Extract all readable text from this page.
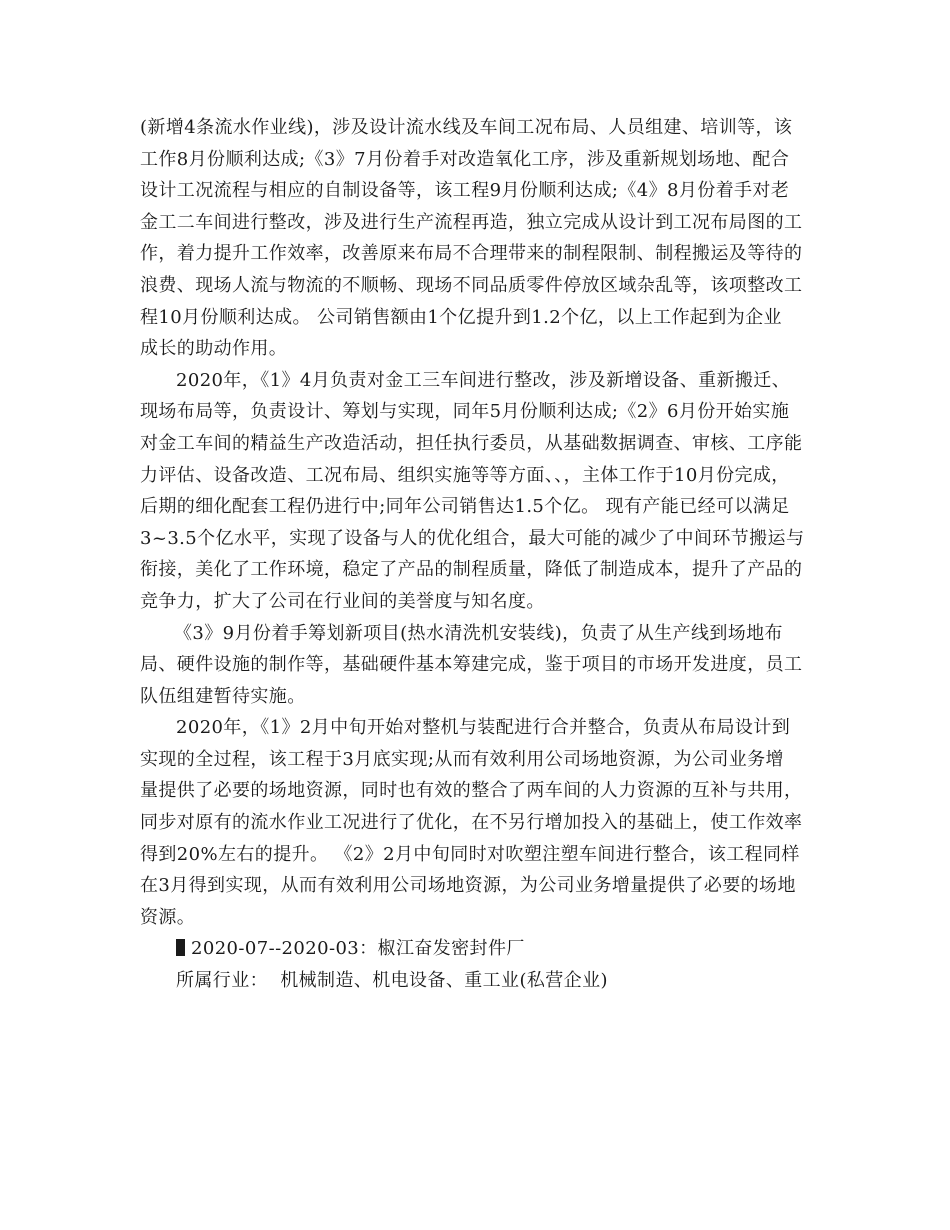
(新增4条流水作业线)，涉及设计流水线及车间工况布局、人员组建、培训等，该
工作8月份顺利达成;《3》7月份着手对改造氧化工序，涉及重新规划场地、配合
设计工况流程与相应的自制设备等，该工程9月份顺利达成;《4》8月份着手对老
金工二车间进行整改，涉及进行生产流程再造，独立完成从设计到工况布局图的工
作，着力提升工作效率，改善原来布局不合理带来的制程限制、制程搬运及等待的
浪费、现场人流与物流的不顺畅、现场不同品质零件停放区域杂乱等，该项整改工
程10月份顺利达成。 公司销售额由1个亿提升到1.2个亿，以上工作起到为企业
成长的助动作用。
2020年，《1》4月负责对金工三车间进行整改，涉及新增设备、重新搬迁、
现场布局等，负责设计、筹划与实现，同年5月份顺利达成;《2》6月份开始实施
对金工车间的精益生产改造活动，担任执行委员，从基础数据调查、审核、工序能
力评估、设备改造、工况布局、组织实施等等方面、、，主体工作于10月份完成，
后期的细化配套工程仍进行中;同年公司销售达1.5个亿。 现有产能已经可以满足
3~3.5个亿水平，实现了设备与人的优化组合，最大可能的减少了中间环节搬运与
衔接，美化了工作环境，稳定了产品的制程质量，降低了制造成本，提升了产品的
竞争力，扩大了公司在行业间的美誉度与知名度。
《3》9月份着手筹划新项目(热水清洗机安装线)，负责了从生产线到场地布
局、硬件设施的制作等，基础硬件基本筹建完成，鉴于项目的市场开发进度，员工
队伍组建暂待实施。
2020年，《1》2月中旬开始对整机与装配进行合并整合，负责从布局设计到
实现的全过程，该工程于3月底实现;从而有效利用公司场地资源，为公司业务增
量提供了必要的场地资源，同时也有效的整合了两车间的人力资源的互补与共用，
同步对原有的流水作业工况进行了优化，在不另行增加投入的基础上，使工作效率
得到20%左右的提升。 《2》2月中旬同时对吹塑注塑车间进行整合，该工程同样
在3月得到实现，从而有效利用公司场地资源，为公司业务增量提供了必要的场地
资源。
2020-07--2020-03：椒江奋发密封件厂
所属行业：  机械制造、机电设备、重工业(私营企业)
